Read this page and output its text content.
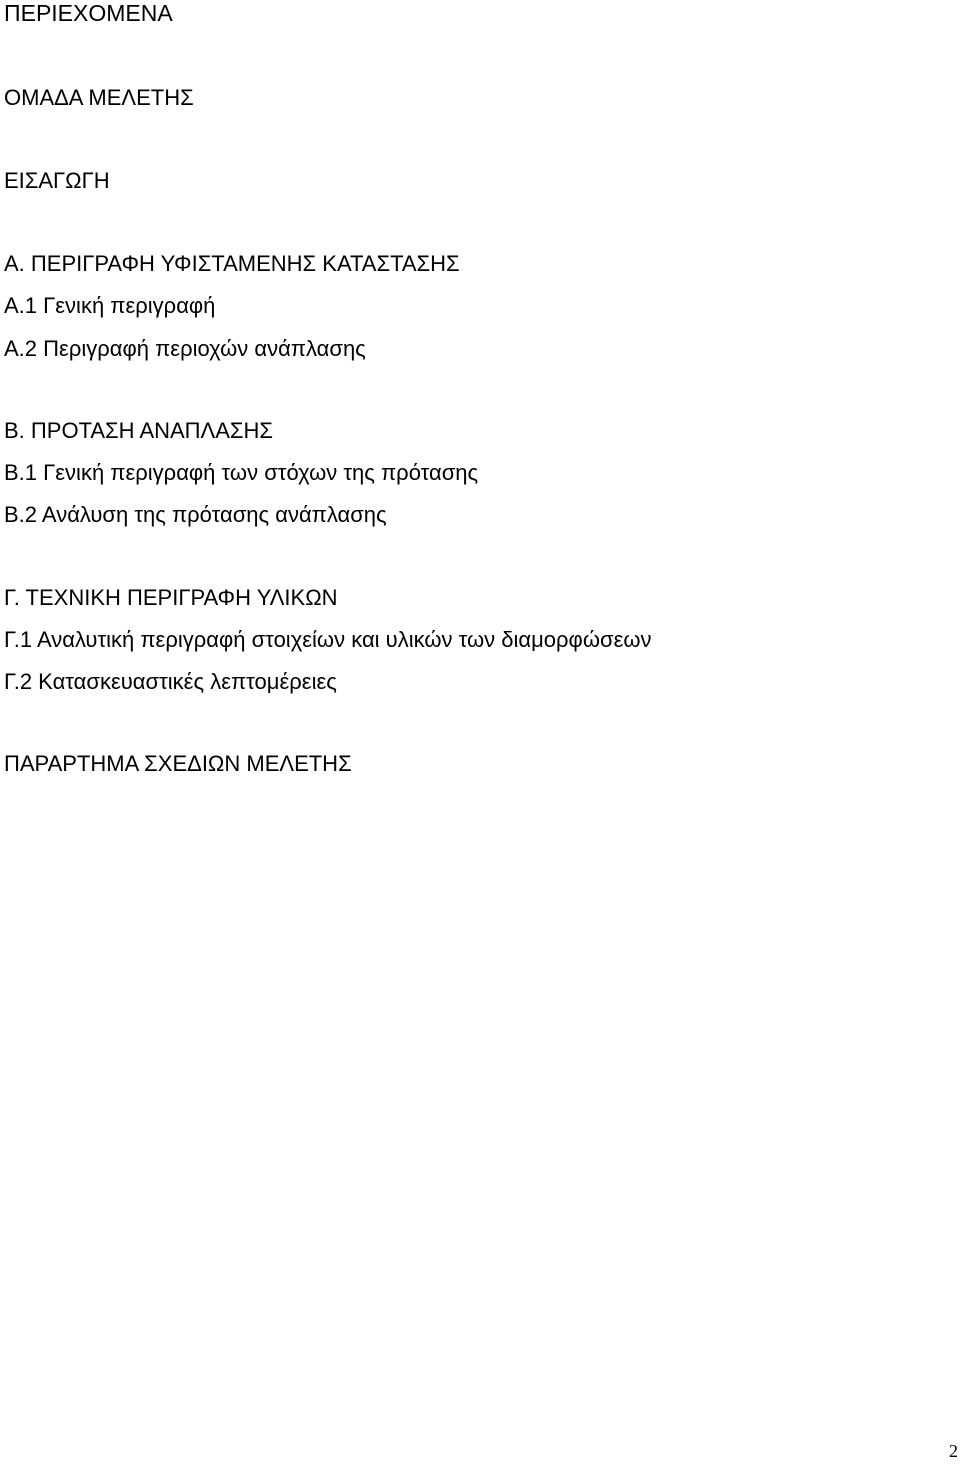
ΠΕΡΙΕΧΟΜΕΝΑ
ΟΜΑΔΑ ΜΕΛΕΤΗΣ
ΕΙΣΑΓΩΓΗ
Α. ΠΕΡΙΓΡΑΦΗ ΥΦΙΣΤΑΜΕΝΗΣ ΚΑΤΑΣΤΑΣΗΣ
Α.1 Γενική περιγραφή
Α.2 Περιγραφή περιοχών ανάπλασης
Β. ΠΡΟΤΑΣΗ ΑΝΑΠΛΑΣΗΣ
Β.1 Γενική περιγραφή των στόχων της πρότασης
Β.2 Ανάλυση της πρότασης ανάπλασης
Γ. ΤΕΧΝΙΚΗ ΠΕΡΙΓΡΑΦΗ ΥΛΙΚΩΝ
Γ.1 Αναλυτική περιγραφή στοιχείων και υλικών των διαμορφώσεων
Γ.2 Κατασκευαστικές λεπτομέρειες
ΠΑΡΑΡΤΗΜΑ ΣΧΕΔΙΩΝ ΜΕΛΕΤΗΣ
2
